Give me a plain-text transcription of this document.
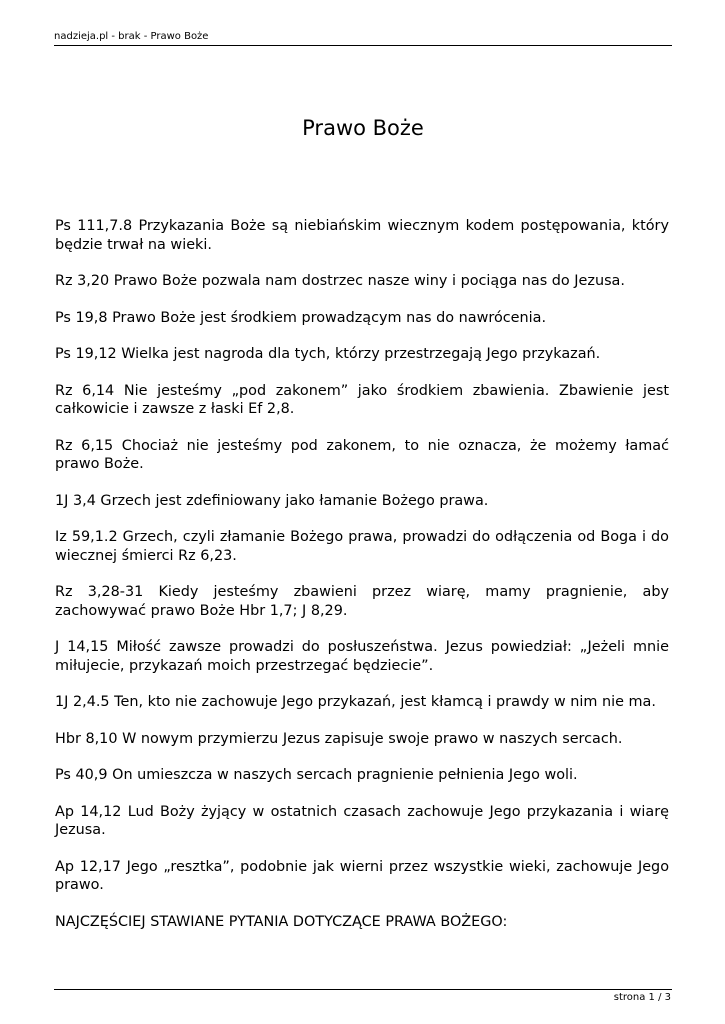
nadzieja.pl - brak - Prawo Boże
Prawo Boże

Ps 111,7.8 Przykazania Boże są niebiańskim wiecznym kodem postępowania, który będzie trwał na wieki.

Rz 3,20 Prawo Boże pozwala nam dostrzec nasze winy i pociąga nas do Jezusa.

Ps 19,8 Prawo Boże jest środkiem prowadzącym nas do nawrócenia.

Ps 19,12 Wielka jest nagroda dla tych, którzy przestrzegają Jego przykazań.

Rz 6,14 Nie jesteśmy „pod zakonem” jako środkiem zbawienia. Zbawienie jest całkowicie i zawsze z łaski Ef 2,8.

Rz 6,15 Chociaż nie jesteśmy pod zakonem, to nie oznacza, że możemy łamać prawo Boże.

1J 3,4 Grzech jest zdefiniowany jako łamanie Bożego prawa.

Iz 59,1.2 Grzech, czyli złamanie Bożego prawa, prowadzi do odłączenia od Boga i do wiecznej śmierci Rz 6,23.

Rz 3,28-31 Kiedy jesteśmy zbawieni przez wiarę, mamy pragnienie, aby zachowywać prawo Boże Hbr 1,7; J 8,29.

J 14,15 Miłość zawsze prowadzi do posłuszeństwa. Jezus powiedział: „Jeżeli mnie miłujecie, przykazań moich przestrzegać będziecie”.

1J 2,4.5 Ten, kto nie zachowuje Jego przykazań, jest kłamcą i prawdy w nim nie ma.

Hbr 8,10 W nowym przymierzu Jezus zapisuje swoje prawo w naszych sercach.

Ps 40,9 On umieszcza w naszych sercach pragnienie pełnienia Jego woli.

Ap 14,12 Lud Boży żyjący w ostatnich czasach zachowuje Jego przykazania i wiarę Jezusa.

Ap 12,17 Jego „resztka”, podobnie jak wierni przez wszystkie wieki, zachowuje Jego prawo.

NAJCZĘŚCIEJ STAWIANE PYTANIA DOTYCZĄCE PRAWA BOŻEGO:

strona 1 / 3
